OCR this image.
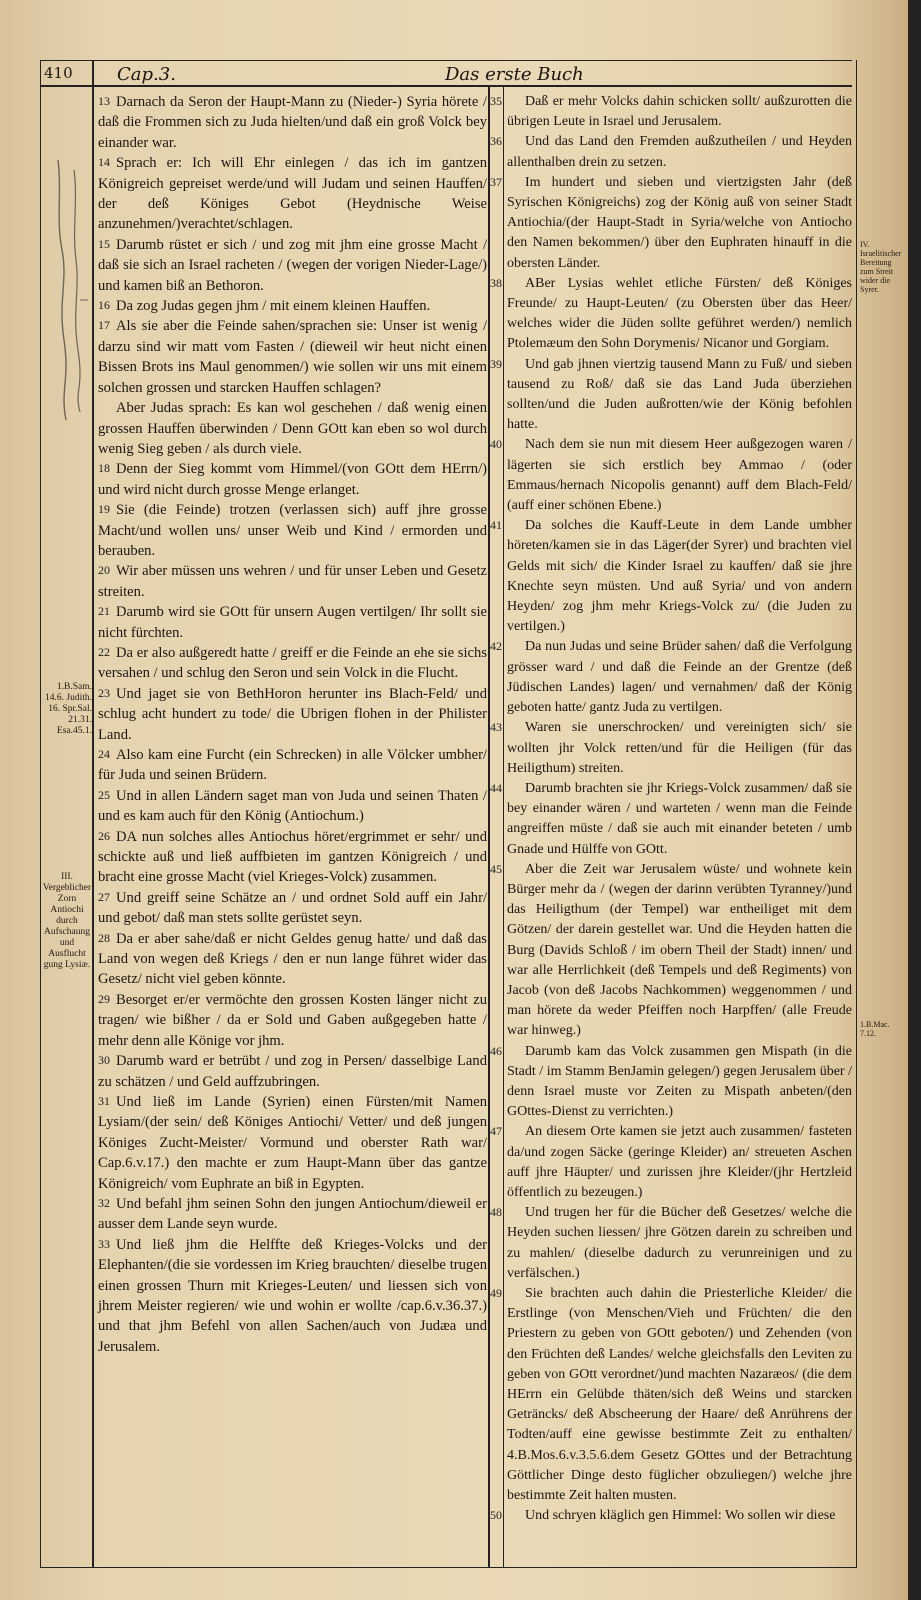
410 Cap.3.	Das erste Buch
1.B.Sam. 14.6. Judith. 16. Spr.Sal. 21.31. Esa.45.1.
III. Vergeblicher Zorn Antiochi durch Aufschaung und Ausflucht gung Lysiæ.
IV. Israelitischer Bereitung zum Streit wider die Syrer.
1.B.Mac. 7.12.
13
14
15
16
17
18
19
20
21
22
23
24
25
26
27
28
29
30
31
32
33
35
36
37
38
39
40
41
42
43
44
45
46
47
48
49
50

Darnach da Seron der Haupt-Mann zu (Nieder-) Syria hörete / daß die Frommen sich zu Juda hielten/und daß ein groß Volck bey einander war.

Sprach er: Ich will Ehr einlegen / das ich im gantzen Königreich gepreiset werde/und will Judam und seinen Hauffen/ der deß Königes Gebot (Heydnische Weise anzunehmen/)verachtet/schlagen.

Darumb rüstet er sich / und zog mit jhm eine grosse Macht / daß sie sich an Israel racheten / (wegen der vorigen Nieder-Lage/) und kamen biß an Bethoron.

Da zog Judas gegen jhm / mit einem kleinen Hauffen.

Als sie aber die Feinde sahen/sprachen sie: Unser ist wenig / darzu sind wir matt vom Fasten / (dieweil wir heut nicht einen Bissen Brots ins Maul genommen/) wie sollen wir uns mit einem solchen grossen und starcken Hauffen schlagen?

Aber Judas sprach: Es kan wol geschehen / daß wenig einen grossen Hauffen überwinden / Denn GOtt kan eben so wol durch wenig Sieg geben / als durch viele.

Denn der Sieg kommt vom Himmel/(von GOtt dem HErrn/) und wird nicht durch grosse Menge erlanget.

Sie (die Feinde) trotzen (verlassen sich) auff jhre grosse Macht/und wollen uns/ unser Weib und Kind / ermorden und berauben.

Wir aber müssen uns wehren / und für unser Leben und Gesetz streiten.

Darumb wird sie GOtt für unsern Augen vertilgen/ Ihr sollt sie nicht fürchten.

Da er also außgeredt hatte / greiff er die Feinde an ehe sie sichs versahen / und schlug den Seron und sein Volck in die Flucht.

Und jaget sie von BethHoron herunter ins Blach-Feld/ und schlug acht hundert zu tode/ die Ubrigen flohen in der Philister Land.

Also kam eine Furcht (ein Schrecken) in alle Völcker umbher/ für Juda und seinen Brüdern.

Und in allen Ländern saget man von Juda und seinen Thaten / und es kam auch für den König (Antiochum.)

DA nun solches alles Antiochus höret/ergrimmet er sehr/ und schickte auß und ließ auffbieten im gantzen Königreich / und bracht eine grosse Macht (viel Krieges-Volck) zusammen.

Und greiff seine Schätze an / und ordnet Sold auff ein Jahr/ und gebot/ daß man stets sollte gerüstet seyn.

Da er aber sahe/daß er nicht Geldes genug hatte/ und daß das Land von wegen deß Kriegs / den er nun lange führet wider das Gesetz/ nicht viel geben könnte.

Besorget er/er vermöchte den grossen Kosten länger nicht zu tragen/ wie bißher / da er Sold und Gaben außgegeben hatte / mehr denn alle Könige vor jhm.

Darumb ward er betrübt / und zog in Persen/ dasselbige Land zu schätzen / und Geld auffzubringen.

Und ließ im Lande (Syrien) einen Fürsten/mit Namen Lysiam/(der sein/ deß Königes Antiochi/ Vetter/ und deß jungen Königes Zucht-Meister/ Vormund und oberster Rath war/ Cap.6.v.17.) den machte er zum Haupt-Mann über das gantze Königreich/ vom Euphrate an biß in Egypten.

Und befahl jhm seinen Sohn den jungen Antiochum/dieweil er ausser dem Lande seyn wurde.

Und ließ jhm die Helffte deß Krieges-Volcks und der Elephanten/(die sie vordessen im Krieg brauchten/ dieselbe trugen einen grossen Thurn mit Krieges-Leuten/ und liessen sich von jhrem Meister regieren/ wie und wohin er wollte /cap.6.v.36.37.) und that jhm Befehl von allen Sachen/auch von Judæa und Jerusalem.

Daß er mehr Volcks dahin schicken sollt/ außzurotten die übrigen Leute in Israel und Jerusalem.

Und das Land den Fremden außzutheilen / und Heyden allenthalben drein zu setzen.

Im hundert und sieben und viertzigsten Jahr (deß Syrischen Königreichs) zog der König auß von seiner Stadt Antiochia/(der Haupt-Stadt in Syria/welche von Antiocho den Namen bekommen/) über den Euphraten hinauff in die obersten Länder.

ABer Lysias wehlet etliche Fürsten/ deß Königes Freunde/ zu Haupt-Leuten/ (zu Obersten über das Heer/ welches wider die Jüden sollte geführet werden/) nemlich Ptolemæum den Sohn Dorymenis/ Nicanor und Gorgiam.

Und gab jhnen viertzig tausend Mann zu Fuß/ und sieben tausend zu Roß/ daß sie das Land Juda überziehen sollten/und die Juden außrotten/wie der König befohlen hatte.

Nach dem sie nun mit diesem Heer außgezogen waren / lägerten sie sich erstlich bey Ammao / (oder Emmaus/hernach Nicopolis genannt) auff dem Blach-Feld/ (auff einer schönen Ebene.)

Da solches die Kauff-Leute in dem Lande umbher höreten/kamen sie in das Läger(der Syrer) und brachten viel Gelds mit sich/ die Kinder Israel zu kauffen/ daß sie jhre Knechte seyn müsten. Und auß Syria/ und von andern Heyden/ zog jhm mehr Kriegs-Volck zu/ (die Juden zu vertilgen.)

Da nun Judas und seine Brüder sahen/ daß die Verfolgung grösser ward / und daß die Feinde an der Grentze (deß Jüdischen Landes) lagen/ und vernahmen/ daß der König geboten hatte/ gantz Juda zu vertilgen.

Waren sie unerschrocken/ und vereinigten sich/ sie wollten jhr Volck retten/und für die Heiligen (für das Heiligthum) streiten.

Darumb brachten sie jhr Kriegs-Volck zusammen/ daß sie bey einander wären / und warteten / wenn man die Feinde angreiffen müste / daß sie auch mit einander beteten / umb Gnade und Hülffe von GOtt.

Aber die Zeit war Jerusalem wüste/ und wohnete kein Bürger mehr da / (wegen der darinn verübten Tyranney/)und das Heiligthum (der Tempel) war entheiliget mit dem Götzen/ der darein gestellet war. Und die Heyden hatten die Burg (Davids Schloß / im obern Theil der Stadt) innen/ und war alle Herrlichkeit (deß Tempels und deß Regiments) von Jacob (von deß Jacobs Nachkommen) weggenommen / und man hörete da weder Pfeiffen noch Harpffen/ (alle Freude war hinweg.)

Darumb kam das Volck zusammen gen Mispath (in die Stadt / im Stamm BenJamin gelegen/) gegen Jerusalem über / denn Israel muste vor Zeiten zu Mispath anbeten/(den GOttes-Dienst zu verrichten.)

An diesem Orte kamen sie jetzt auch zusammen/ fasteten da/und zogen Säcke (geringe Kleider) an/ streueten Aschen auff jhre Häupter/ und zurissen jhre Kleider/(jhr Hertzleid öffentlich zu bezeugen.)

Und trugen her für die Bücher deß Gesetzes/ welche die Heyden suchen liessen/ jhre Götzen darein zu schreiben und zu mahlen/ (dieselbe dadurch zu verunreinigen und zu verfälschen.)

Sie brachten auch dahin die Priesterliche Kleider/ die Erstlinge (von Menschen/Vieh und Früchten/ die den Priestern zu geben von GOtt geboten/) und Zehenden (von den Früchten deß Landes/ welche gleichsfalls den Leviten zu geben von GOtt verordnet/)und machten Nazaræos/ (die dem HErrn ein Gelübde thäten/sich deß Weins und starcken Geträncks/ deß Abscheerung der Haare/ deß Anrührens der Todten/auff eine gewisse bestimmte Zeit zu enthalten/ 4.B.Mos.6.v.3.5.6.dem Gesetz GOttes und der Betrachtung Göttlicher Dinge desto füglicher obzuliegen/) welche jhre bestimmte Zeit halten musten.

Und schryen kläglich gen Himmel: Wo sollen wir diese
